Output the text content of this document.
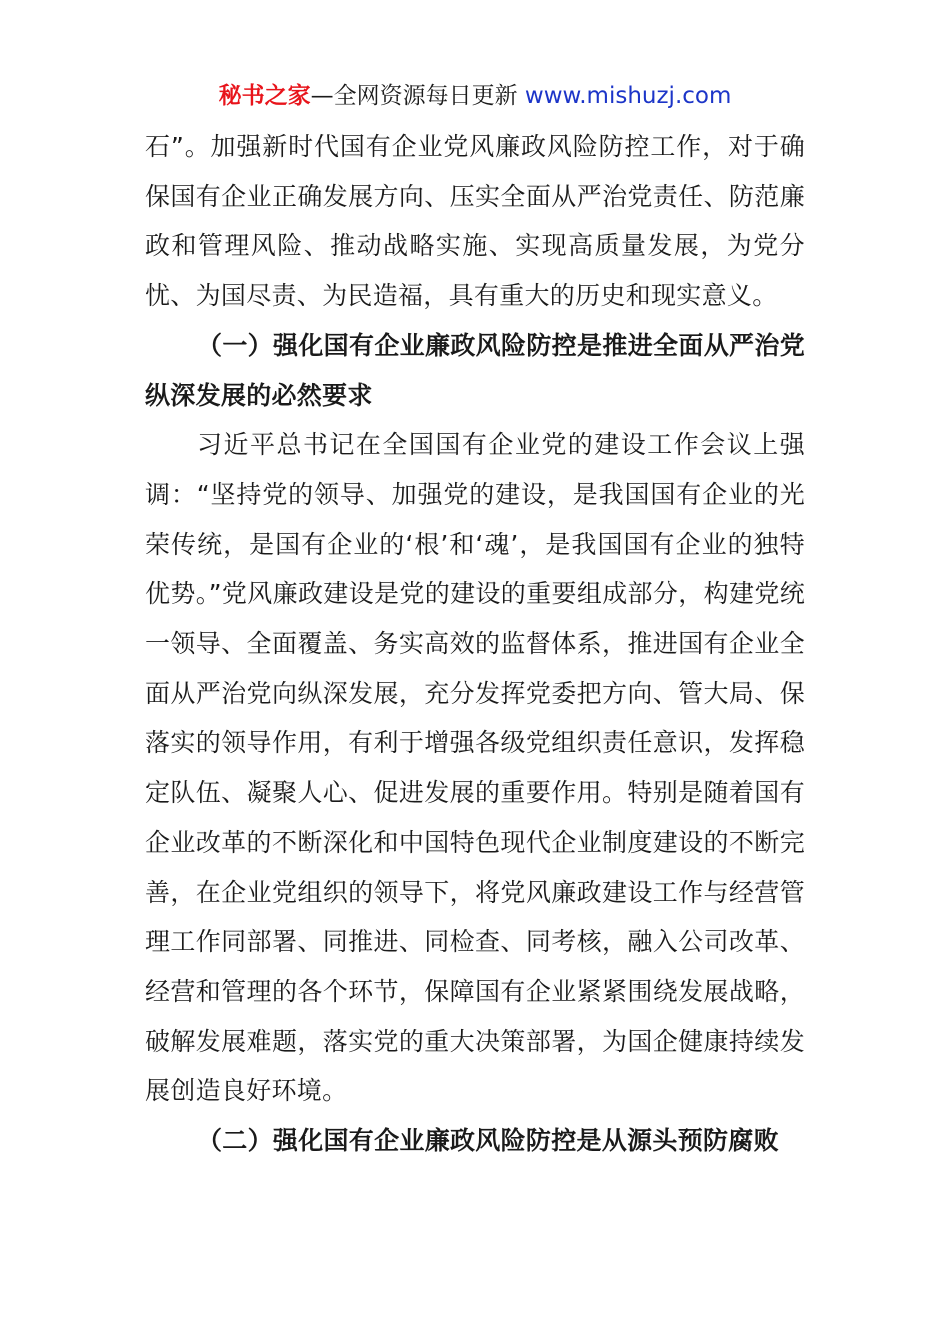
秘书之家—全网资源每日更新 www.mishuzj.com

石”。加强新时代国有企业党风廉政风险防控工作，对于确保国有企业正确发展方向、压实全面从严治党责任、防范廉政和管理风险、推动战略实施、实现高质量发展，为党分忧、为国尽责、为民造福，具有重大的历史和现实意义。

（一）强化国有企业廉政风险防控是推进全面从严治党纵深发展的必然要求

习近平总书记在全国国有企业党的建设工作会议上强调：“坚持党的领导、加强党的建设，是我国国有企业的光荣传统，是国有企业的‘根’和‘魂’，是我国国有企业的独特优势。”党风廉政建设是党的建设的重要组成部分，构建党统一领导、全面覆盖、务实高效的监督体系，推进国有企业全面从严治党向纵深发展，充分发挥党委把方向、管大局、保落实的领导作用，有利于增强各级党组织责任意识，发挥稳定队伍、凝聚人心、促进发展的重要作用。特别是随着国有企业改革的不断深化和中国特色现代企业制度建设的不断完善，在企业党组织的领导下，将党风廉政建设工作与经营管理工作同部署、同推进、同检查、同考核，融入公司改革、经营和管理的各个环节，保障国有企业紧紧围绕发展战略，破解发展难题，落实党的重大决策部署，为国企健康持续发展创造良好环境。

（二）强化国有企业廉政风险防控是从源头预防腐败
